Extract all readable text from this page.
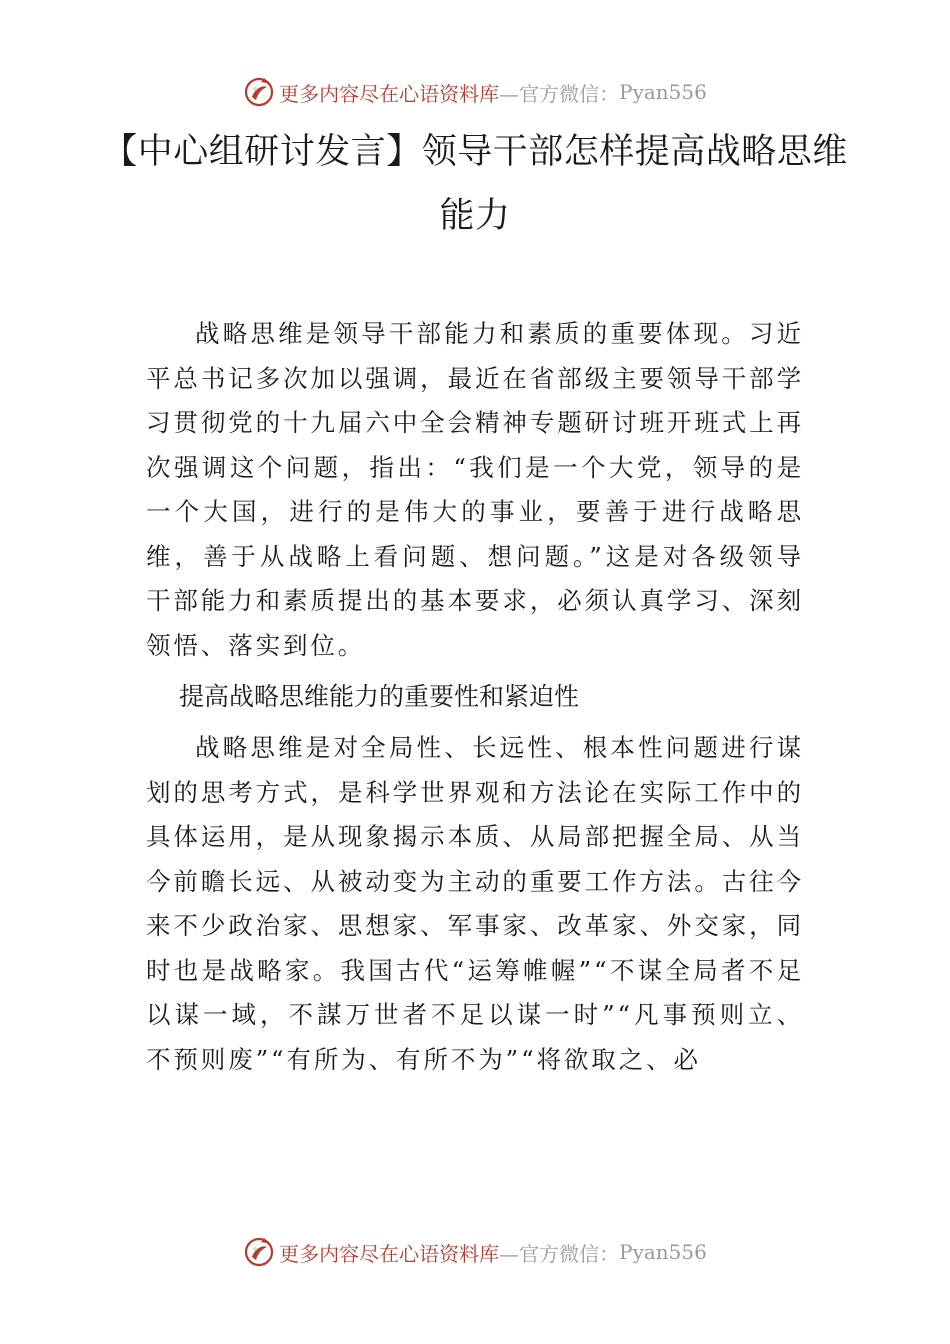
更多内容尽在心语资料库 —官方微信： Pyan556
【中心组研讨发言】领导干部怎样提高战略思维能力

战略思维是领导干部能力和素质的重要体现。习近平总书记多次加以强调，最近在省部级主要领导干部学习贯彻党的十九届六中全会精神专题研讨班开班式上再次强调这个问题，指出：“我们是一个大党，领导的是一个大国，进行的是伟大的事业，要善于进行战略思维，善于从战略上看问题、想问题。”这是对各级领导干部能力和素质提出的基本要求，必须认真学习、深刻领悟、落实到位。

提高战略思维能力的重要性和紧迫性

战略思维是对全局性、长远性、根本性问题进行谋划的思考方式，是科学世界观和方法论在实际工作中的具体运用，是从现象揭示本质、从局部把握全局、从当今前瞻长远、从被动变为主动的重要工作方法。古往今来不少政治家、思想家、军事家、改革家、外交家，同时也是战略家。我国古代“运筹帷幄”“不谋全局者不足以谋一域，不謀万世者不足以谋一时”“凡事预则立、不预则废”“有所为、有所不为”“将欲取之、必

更多内容尽在心语资料库 —官方微信： Pyan556
